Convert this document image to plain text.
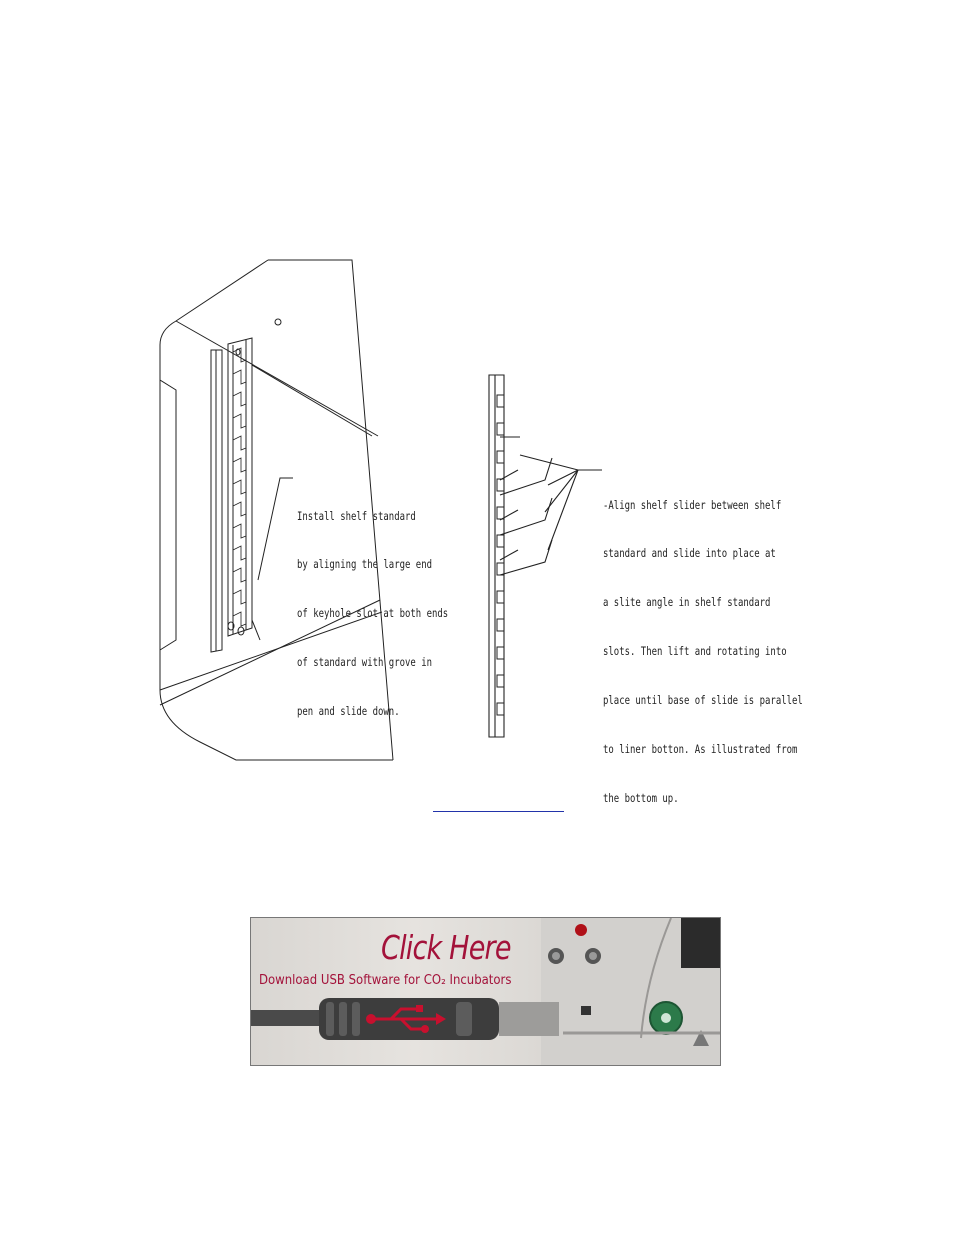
Install shelf standard

by aligning the large end

of keyhole slot at both ends

of standard with grove in

pen and slide down.

-Align shelf slider between shelf

standard and slide into place at

a slite angle in shelf standard

slots. Then lift and rotating into

place until base of slide is parallel

to liner botton. As illustrated from

the bottom up.

Click Here
Download USB Software for CO₂ Incubators
